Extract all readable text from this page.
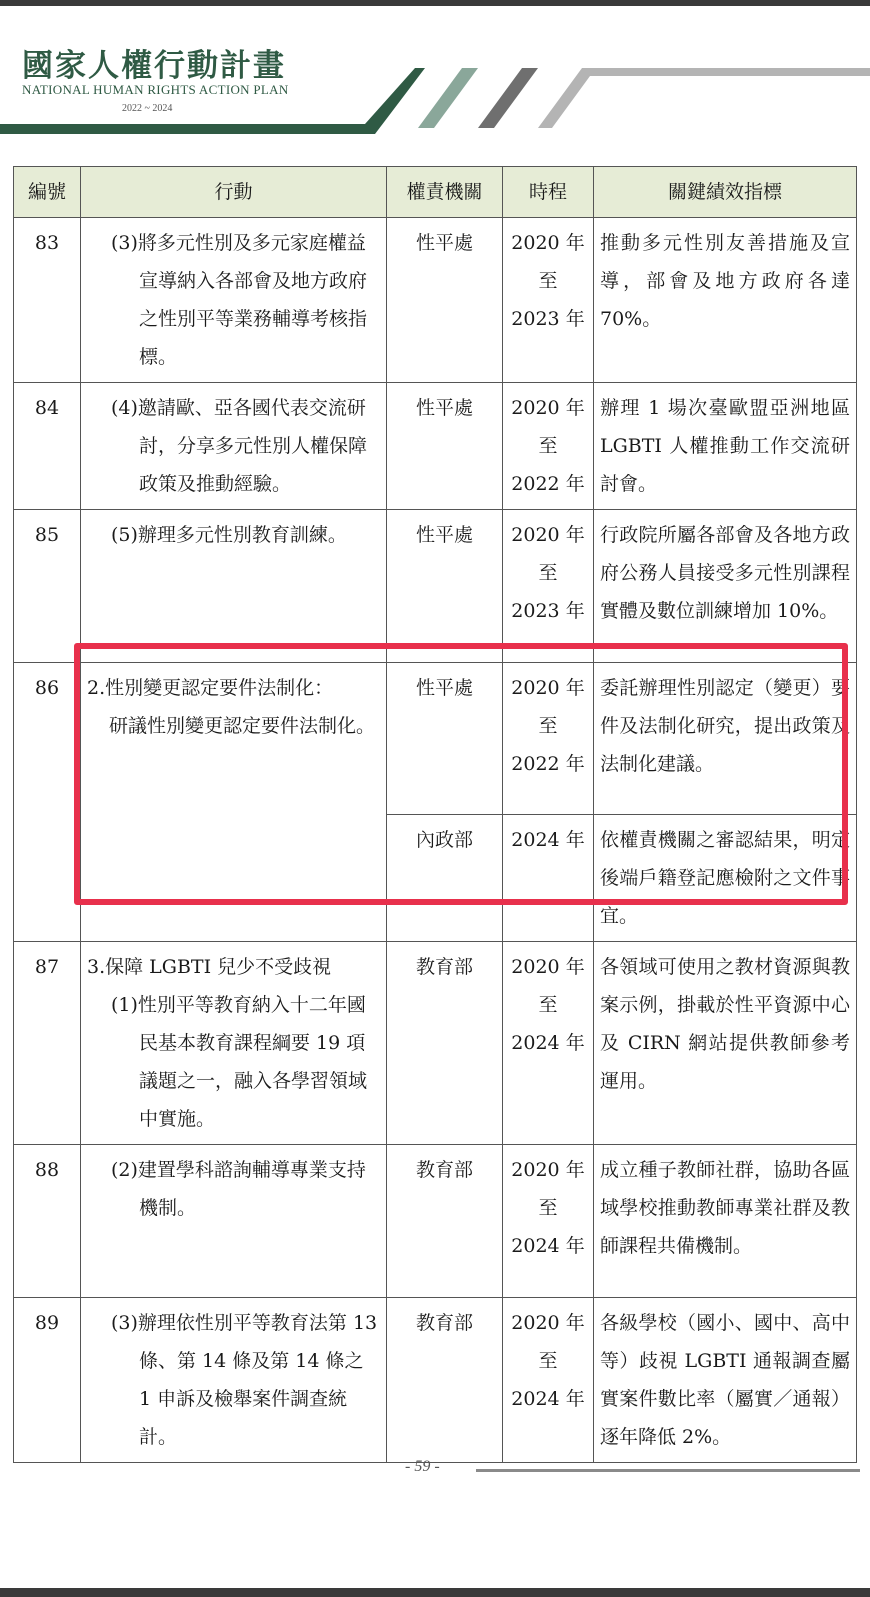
國家人權行動計畫
NATIONAL HUMAN RIGHTS ACTION PLAN
2022 ~ 2024
編號	行動	權責機關	時程	關鍵績效指標
83	(3)將多元性別及多元家庭權益宣導納入各部會及地方政府之性別平等業務輔導考核指標。	性平處	2020 年
至
2023 年	推動多元性別友善措施及宣導，部會及地方政府各達 70%。
84	(4)邀請歐、亞各國代表交流研討，分享多元性別人權保障政策及推動經驗。	性平處	2020 年
至
2022 年	辦理 1 場次臺歐盟亞洲地區 LGBTI 人權推動工作交流研討會。
85	(5)辦理多元性別教育訓練。	性平處	2020 年
至
2023 年	行政院所屬各部會及各地方政府公務人員接受多元性別課程實體及數位訓練增加 10%。
86	2.性別變更認定要件法制化：
研議性別變更認定要件法制化。	性平處	2020 年
至
2022 年	委託辦理性別認定（變更）要件及法制化研究，提出政策及法制化建議。
		內政部	2024 年	依權責機關之審認結果，明定後端戶籍登記應檢附之文件事宜。
87	3.保障 LGBTI 兒少不受歧視
(1)性別平等教育納入十二年國民基本教育課程綱要 19 項議題之一，融入各學習領域中實施。	教育部	2020 年
至
2024 年	各領域可使用之教材資源與教案示例，掛載於性平資源中心及 CIRN 網站提供教師參考運用。
88	(2)建置學科諮詢輔導專業支持機制。	教育部	2020 年
至
2024 年	成立種子教師社群，協助各區域學校推動教師專業社群及教師課程共備機制。
89	(3)辦理依性別平等教育法第 13 條、第 14 條及第 14 條之 1 申訴及檢舉案件調查統計。	教育部	2020 年
至
2024 年	各級學校（國小、國中、高中等）歧視 LGBTI 通報調查屬實案件數比率（屬實／通報）逐年降低 2%。
- 59 -
